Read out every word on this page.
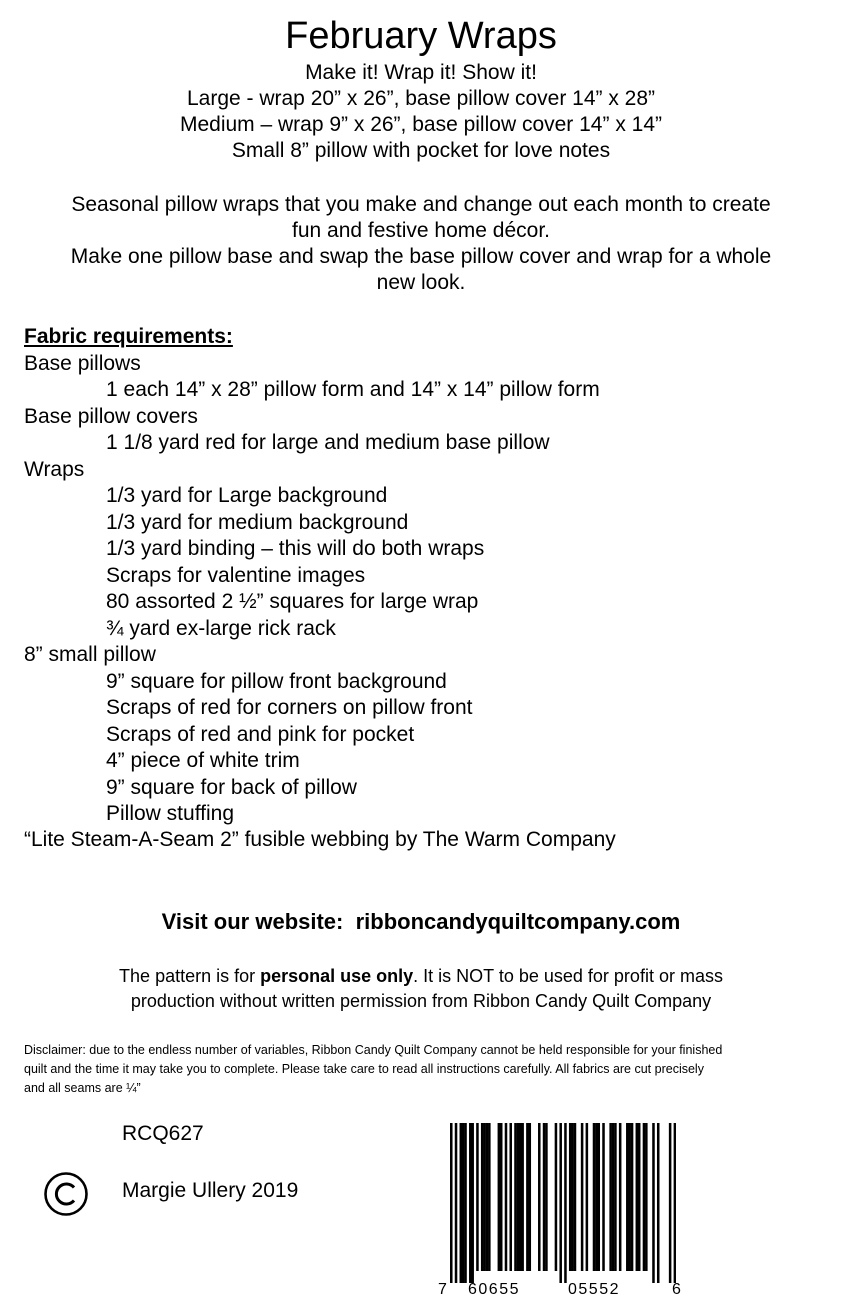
February Wraps
Make it! Wrap it! Show it!
Large - wrap 20” x 26”, base pillow cover 14” x 28”
Medium – wrap 9” x 26”, base pillow cover 14” x 14”
Small 8” pillow with pocket for love notes
Seasonal pillow wraps that you make and change out each month to create
fun and festive home décor.
Make one pillow base and swap the base pillow cover and wrap for a whole
new look.
Fabric requirements:
Base pillows
1 each 14” x 28” pillow form and 14” x 14” pillow form
Base pillow covers
1 1/8 yard red for large and medium base pillow
Wraps
1/3 yard for Large background
1/3 yard for medium background
1/3 yard binding – this will do both wraps
Scraps for valentine images
80 assorted 2 ½” squares for large wrap
¾ yard ex-large rick rack
8” small pillow
9” square for pillow front background
Scraps of red for corners on pillow front
Scraps of red and pink for pocket
4” piece of white trim
9” square for back of pillow
Pillow stuffing
“Lite Steam-A-Seam 2” fusible webbing by The Warm Company
Visit our website: ribboncandyquiltcompany.com
The pattern is for personal use only. It is NOT to be used for profit or mass
production without written permission from Ribbon Candy Quilt Company
Disclaimer: due to the endless number of variables, Ribbon Candy Quilt Company cannot be held responsible for your finished
quilt and the time it may take you to complete. Please take care to read all instructions carefully. All fabrics are cut precisely
and all seams are ¼”
RCQ627
Margie Ullery 2019
7 60655	05552	6
